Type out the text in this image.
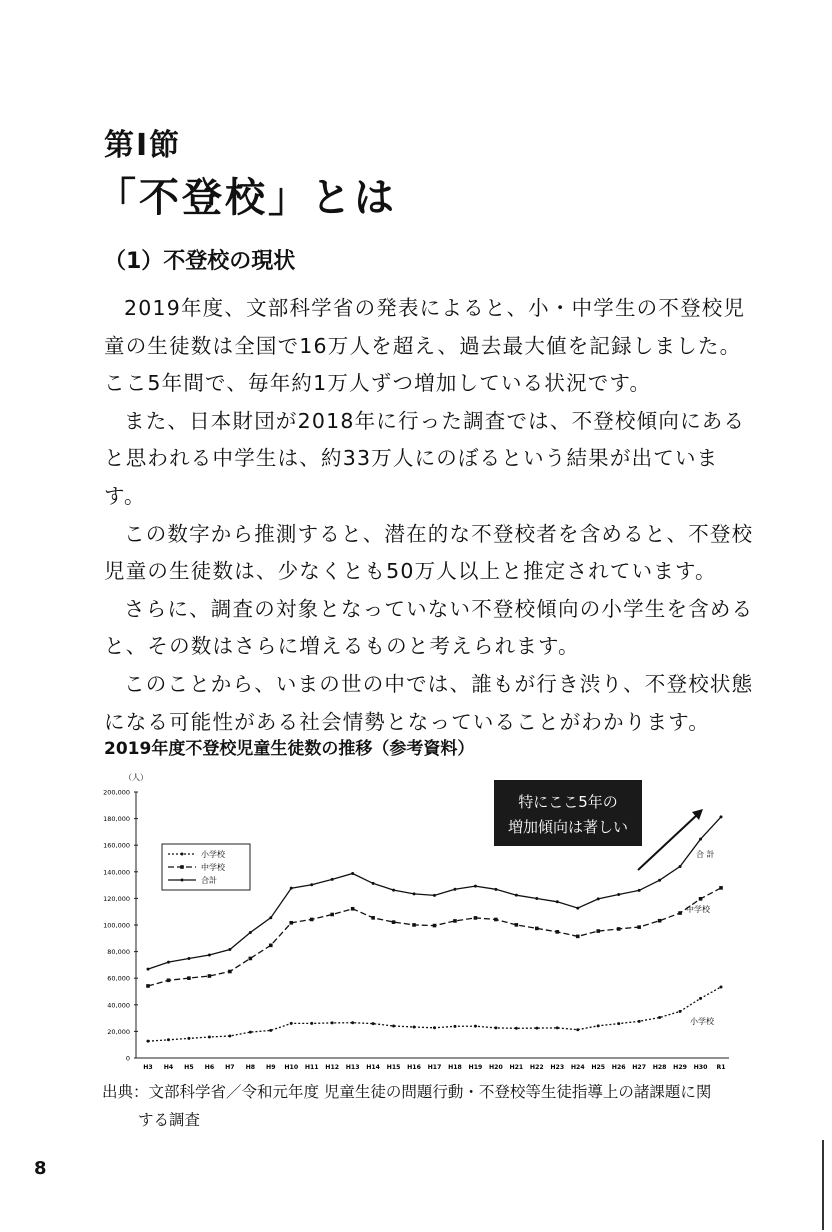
第Ⅰ節
「不登校」とは
（1）不登校の現状

2019年度、文部科学省の発表によると、小・中学生の不登校児童の生徒数は全国で16万人を超え、過去最大値を記録しました。ここ5年間で、毎年約1万人ずつ増加している状況です。

また、日本財団が2018年に行った調査では、不登校傾向にあると思われる中学生は、約33万人にのぼるという結果が出ています。

この数字から推測すると、潜在的な不登校者を含めると、不登校児童の生徒数は、少なくとも50万人以上と推定されています。

さらに、調査の対象となっていない不登校傾向の小学生を含めると、その数はさらに増えるものと考えられます。

このことから、いまの世の中では、誰もが行き渋り、不登校状態になる可能性がある社会情勢となっていることがわかります。

2019年度不登校児童生徒数の推移（参考資料）
0
20,000
40,000
60,000
80,000
100,000
120,000
140,000
160,000
180,000
200,000
（人）
H3 H4 H5 H6 H7 H8 H9 H10 H11 H12 H13 H14 H15 H16 H17 H18 H19 H20 H21 H22 H23 H24 H25 H26 H27 H28 H29 H30 R1
小学校
中学校
合計
合 計
中学校
小学校
特にここ5年の
増加傾向は著しい
出典：文部科学省／令和元年度 児童生徒の問題行動・不登校等生徒指導上の諸課題に関
する調査
8
